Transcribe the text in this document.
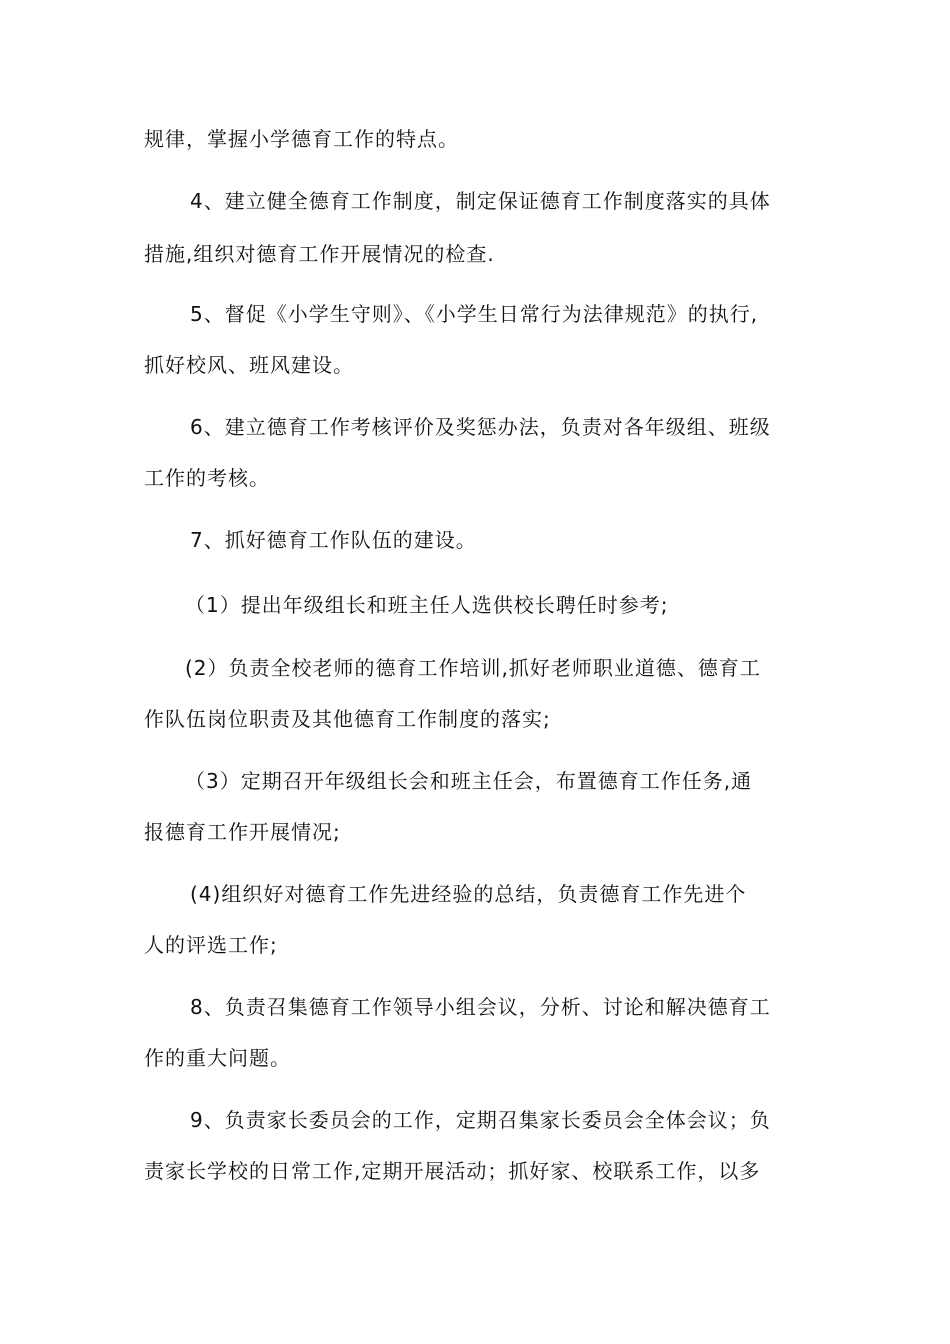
规律，掌握小学德育工作的特点。
4、建立健全德育工作制度，制定保证德育工作制度落实的具体
措施,组织对德育工作开展情况的检查.
5、督促《小学生守则》、《小学生日常行为法律规范》的执行,
抓好校风、班风建设。
6、建立德育工作考核评价及奖惩办法，负责对各年级组、班级
工作的考核。
7、抓好德育工作队伍的建设。
（1）提出年级组长和班主任人选供校长聘任时参考;
(2）负责全校老师的德育工作培训,抓好老师职业道德、德育工
作队伍岗位职责及其他德育工作制度的落实;
（3）定期召开年级组长会和班主任会，布置德育工作任务,通
报德育工作开展情况;
(4)组织好对德育工作先进经验的总结，负责德育工作先进个
人的评选工作;
8、负责召集德育工作领导小组会议，分析、讨论和解决德育工
作的重大问题。
9、负责家长委员会的工作，定期召集家长委员会全体会议；负
责家长学校的日常工作,定期开展活动；抓好家、校联系工作，以多
